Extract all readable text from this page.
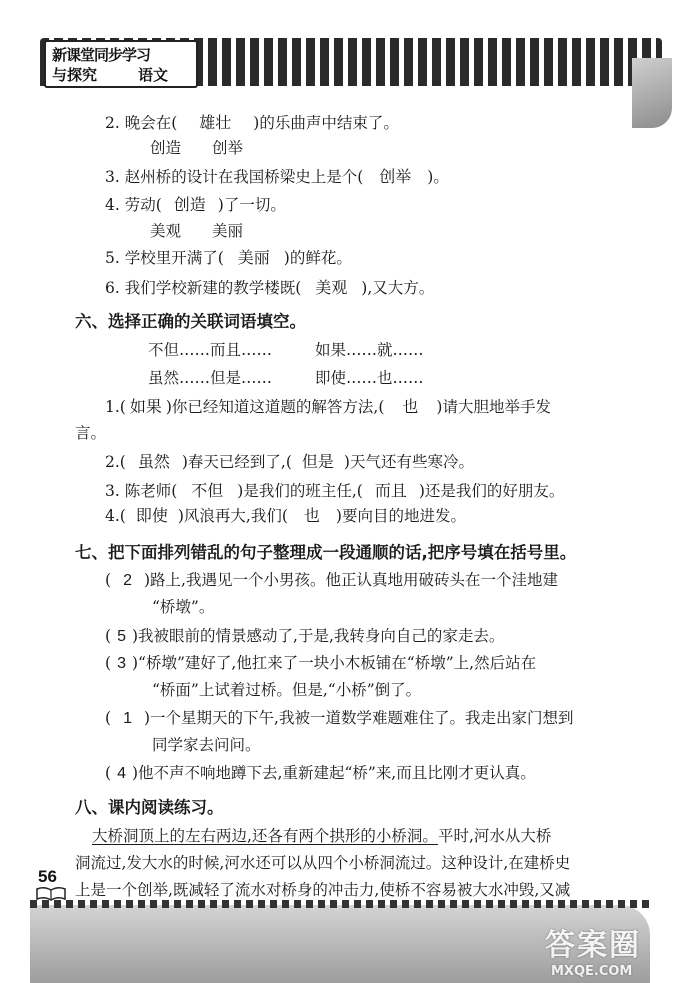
新课堂同步学习
与探究	语文
2. 晚会在( 雄壮 )的乐曲声中结束了。
创造　　创举
3. 赵州桥的设计在我国桥梁史上是个( 创举 )。
4. 劳动( 创造 )了一切。
美观　　美丽
5. 学校里开满了( 美丽 )的鲜花。
6. 我们学校新建的教学楼既( 美观 ),又大方。
六、选择正确的关联词语填空。
不但……而且……	如果……就……
虽然……但是……	即使……也……
1.( 如果 )你已经知道这道题的解答方法,( 也 )请大胆地举手发
言。
2.( 虽然 )春天已经到了,( 但是 )天气还有些寒冷。
3. 陈老师( 不但 )是我们的班主任,( 而且 )还是我们的好朋友。
4.( 即使 )风浪再大,我们( 也 )要向目的地进发。
七、把下面排列错乱的句子整理成一段通顺的话,把序号填在括号里。
( 2 )路上,我遇见一个小男孩。他正认真地用破砖头在一个洼地建
“桥墩”。
( 5 )我被眼前的情景感动了,于是,我转身向自己的家走去。
( 3 )“桥墩”建好了,他扛来了一块小木板铺在“桥墩”上,然后站在
“桥面”上试着过桥。但是,“小桥”倒了。
( 1 )一个星期天的下午,我被一道数学难题难住了。我走出家门想到
同学家去问问。
( 4 )他不声不响地蹲下去,重新建起“桥”来,而且比刚才更认真。
八、课内阅读练习。
大桥洞顶上的左右两边,还各有两个拱形的小桥洞。平时,河水从大桥
洞流过,发大水的时候,河水还可以从四个小桥洞流过。这种设计,在建桥史
上是一个创举,既减轻了流水对桥身的冲击力,使桥不容易被大水冲毁,又减
56
答案圈
MXQE.COM
